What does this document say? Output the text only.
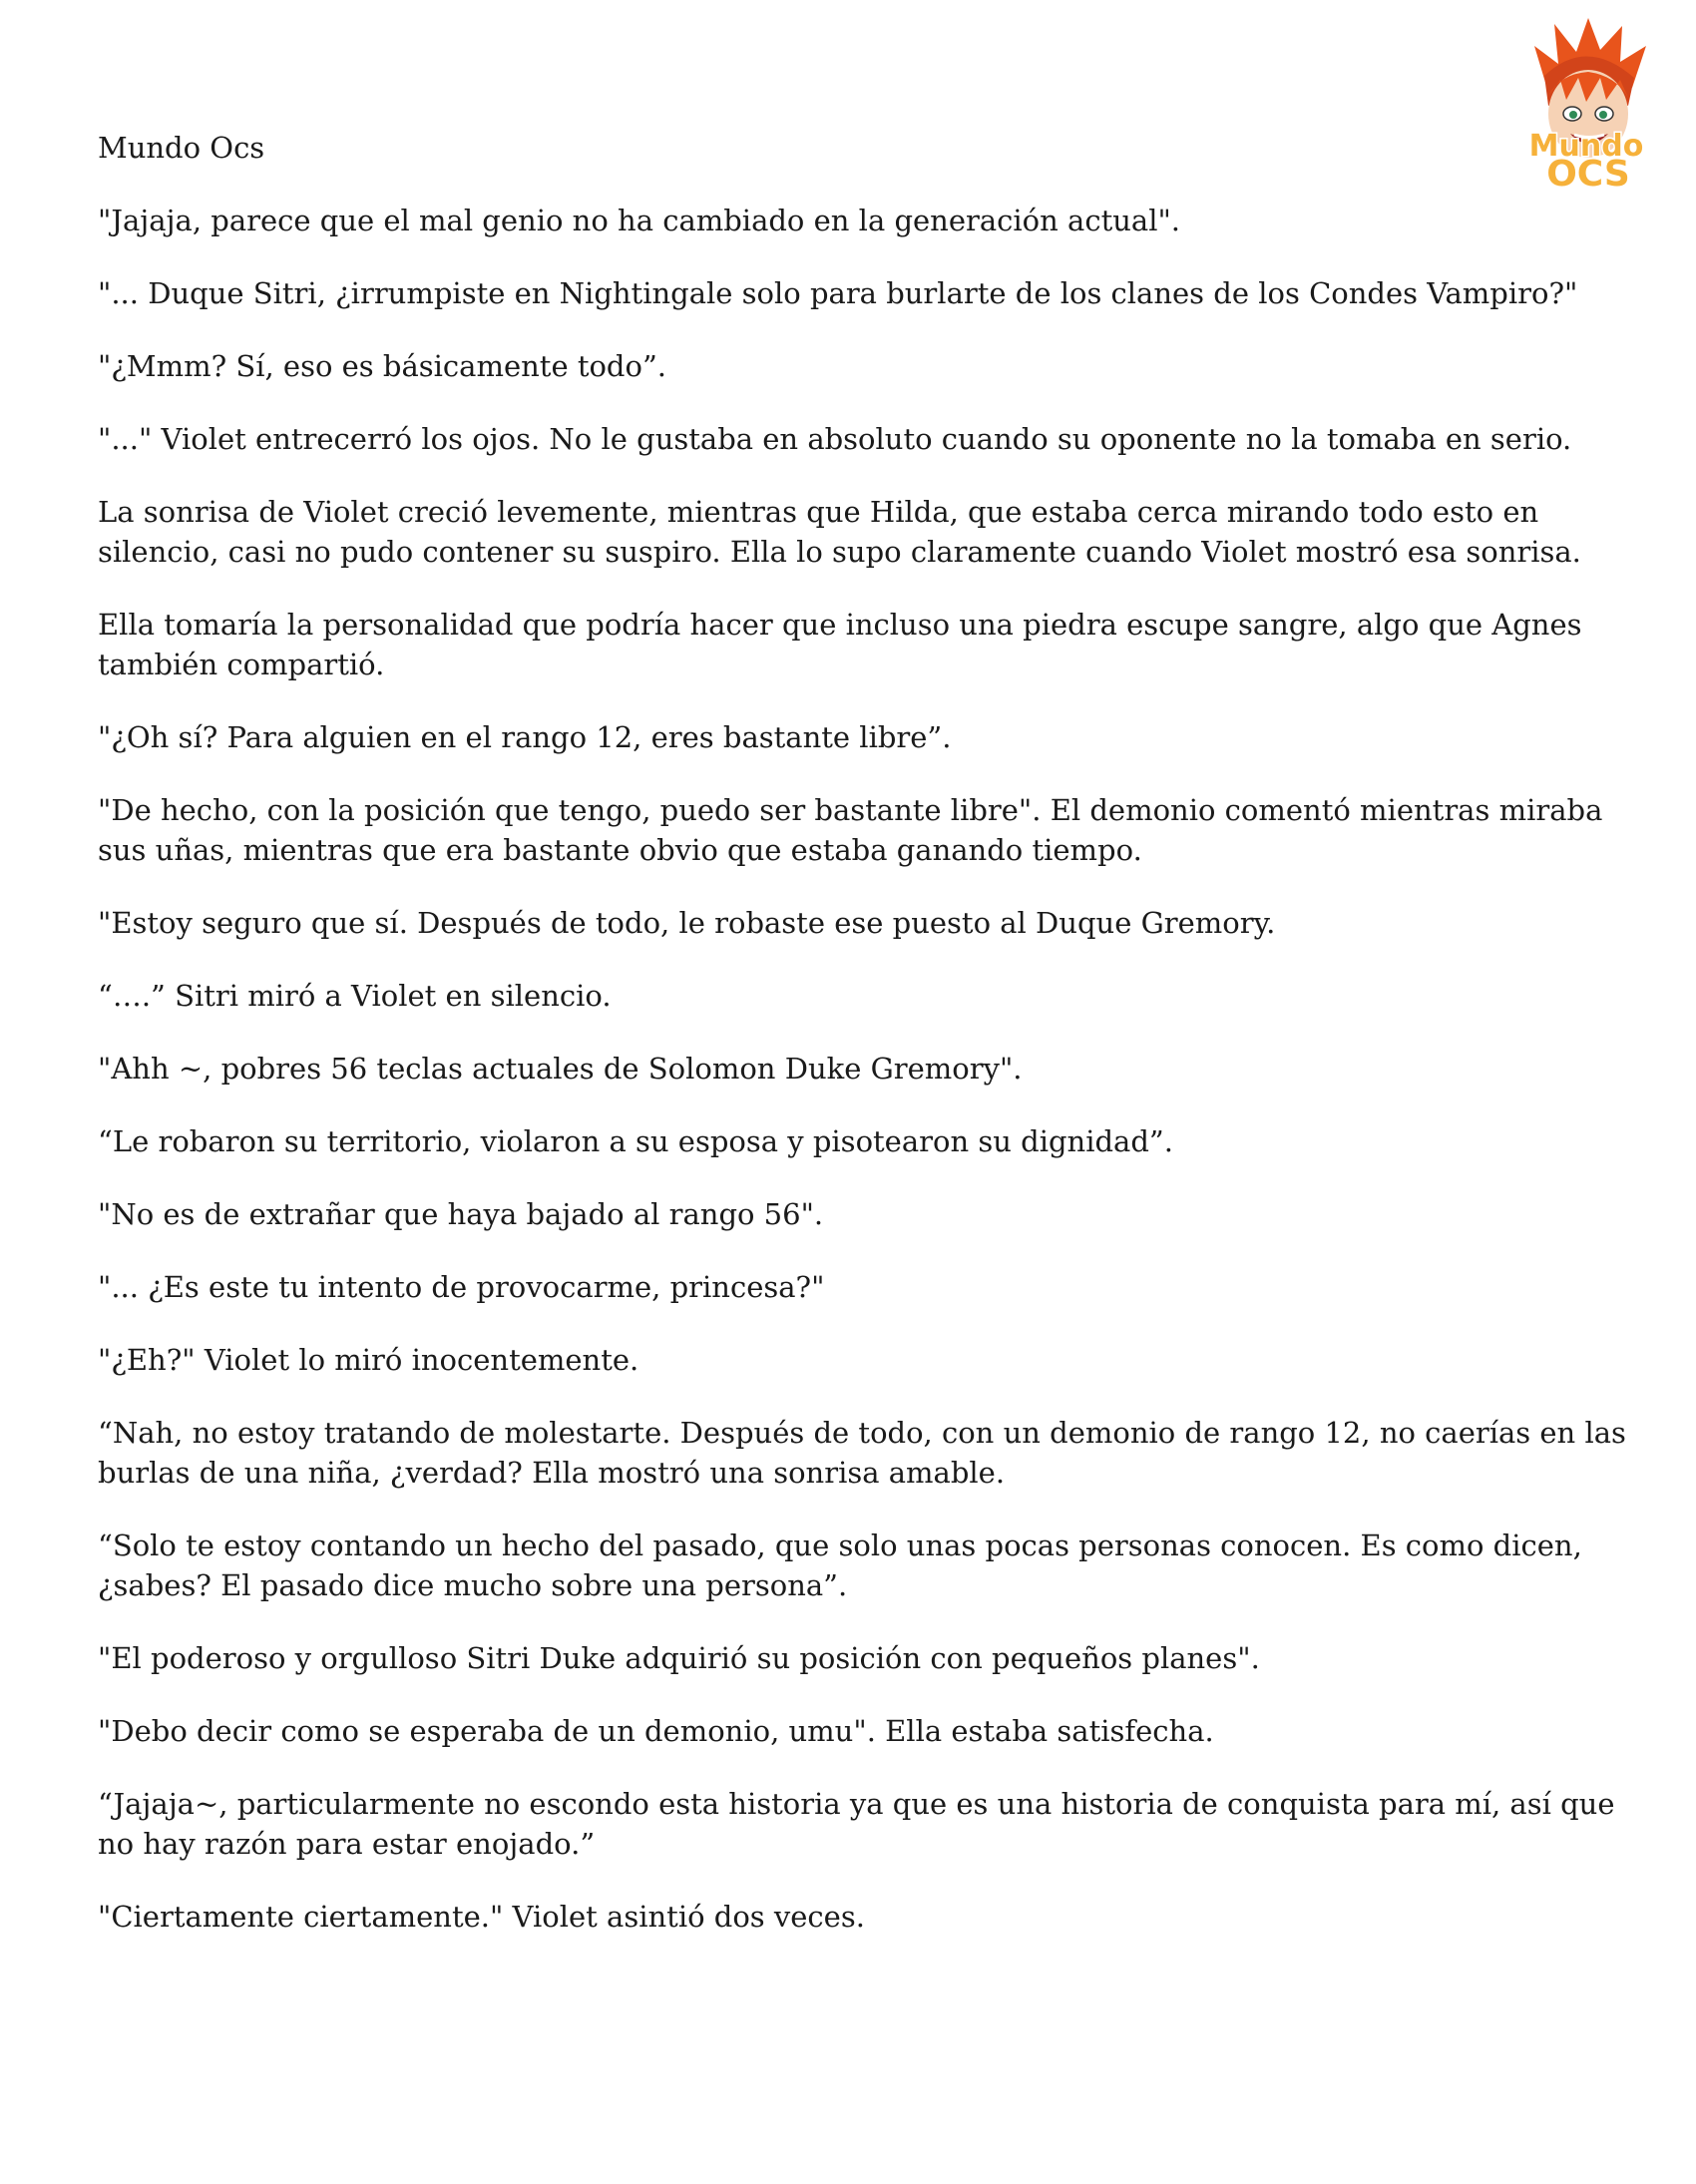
Mundo
OCS

Mundo Ocs

"Jajaja, parece que el mal genio no ha cambiado en la generación actual".

"... Duque Sitri, ¿irrumpiste en Nightingale solo para burlarte de los clanes de los Condes Vampiro?"

"¿Mmm? Sí, eso es básicamente todo”.

"..." Violet entrecerró los ojos. No le gustaba en absoluto cuando su oponente no la tomaba en serio.

La sonrisa de Violet creció levemente, mientras que Hilda, que estaba cerca mirando todo esto en silencio, casi no pudo contener su suspiro. Ella lo supo claramente cuando Violet mostró esa sonrisa.

Ella tomaría la personalidad que podría hacer que incluso una piedra escupe sangre, algo que Agnes también compartió.

"¿Oh sí? Para alguien en el rango 12, eres bastante libre”.

"De hecho, con la posición que tengo, puedo ser bastante libre". El demonio comentó mientras miraba sus uñas, mientras que era bastante obvio que estaba ganando tiempo.

"Estoy seguro que sí. Después de todo, le robaste ese puesto al Duque Gremory.

“….” Sitri miró a Violet en silencio.

"Ahh ~, pobres 56 teclas actuales de Solomon Duke Gremory".

“Le robaron su territorio, violaron a su esposa y pisotearon su dignidad”.

"No es de extrañar que haya bajado al rango 56".

"... ¿Es este tu intento de provocarme, princesa?"

"¿Eh?" Violet lo miró inocentemente.

“Nah, no estoy tratando de molestarte. Después de todo, con un demonio de rango 12, no caerías en las burlas de una niña, ¿verdad? Ella mostró una sonrisa amable.

“Solo te estoy contando un hecho del pasado, que solo unas pocas personas conocen. Es como dicen, ¿sabes? El pasado dice mucho sobre una persona”.

"El poderoso y orgulloso Sitri Duke adquirió su posición con pequeños planes".

"Debo decir como se esperaba de un demonio, umu". Ella estaba satisfecha.

“Jajaja~, particularmente no escondo esta historia ya que es una historia de conquista para mí, así que no hay razón para estar enojado.”

"Ciertamente ciertamente." Violet asintió dos veces.
